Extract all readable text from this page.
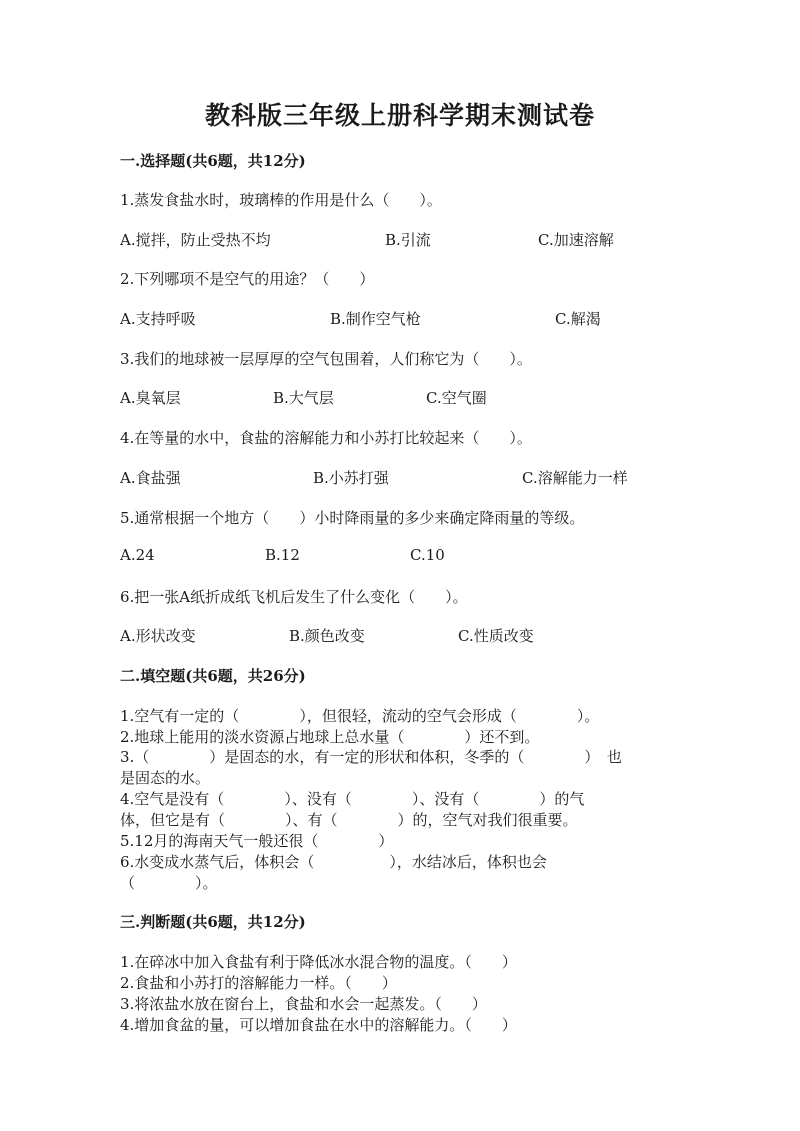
教科版三年级上册科学期末测试卷
一.选择题(共6题，共12分)
1.蒸发食盐水时，玻璃棒的作用是什么（　　）。
A.搅拌，防止受热不均	B.引流	C.加速溶解
2.下列哪项不是空气的用途？（　　）
A.支持呼吸	B.制作空气枪	C.解渴
3.我们的地球被一层厚厚的空气包围着，人们称它为（　　）。
A.臭氧层	B.大气层	C.空气圈
4.在等量的水中，食盐的溶解能力和小苏打比较起来（　　）。
A.食盐强	B.小苏打强	C.溶解能力一样
5.通常根据一个地方（　　）小时降雨量的多少来确定降雨量的等级。
A.24	B.12	C.10
6.把一张A纸折成纸飞机后发生了什么变化（　　）。
A.形状改变	B.颜色改变	C.性质改变
二.填空题(共6题，共26分)
1.空气有一定的（　　　　），但很轻，流动的空气会形成（　　　　）。
2.地球上能用的淡水资源占地球上总水量（　　　　）还不到。
3.（　　　　）是固态的水，有一定的形状和体积，冬季的（　　　　）　也
是固态的水。
4.空气是没有（　　　　）、没有（　　　　）、没有（　　　　）的气
体，但它是有（　　　　）、有（　　　　）的，空气对我们很重要。
5.12月的海南天气一般还很（　　　　）
6.水变成水蒸气后，体积会（　　　　　），水结冰后，体积也会
（　　　　）。
三.判断题(共6题，共12分)
1.在碎冰中加入食盐有利于降低冰水混合物的温度。（　　）
2.食盐和小苏打的溶解能力一样。（　　）
3.将浓盐水放在窗台上，食盐和水会一起蒸发。（　　）
4.增加食盆的量，可以增加食盐在水中的溶解能力。（　　）
